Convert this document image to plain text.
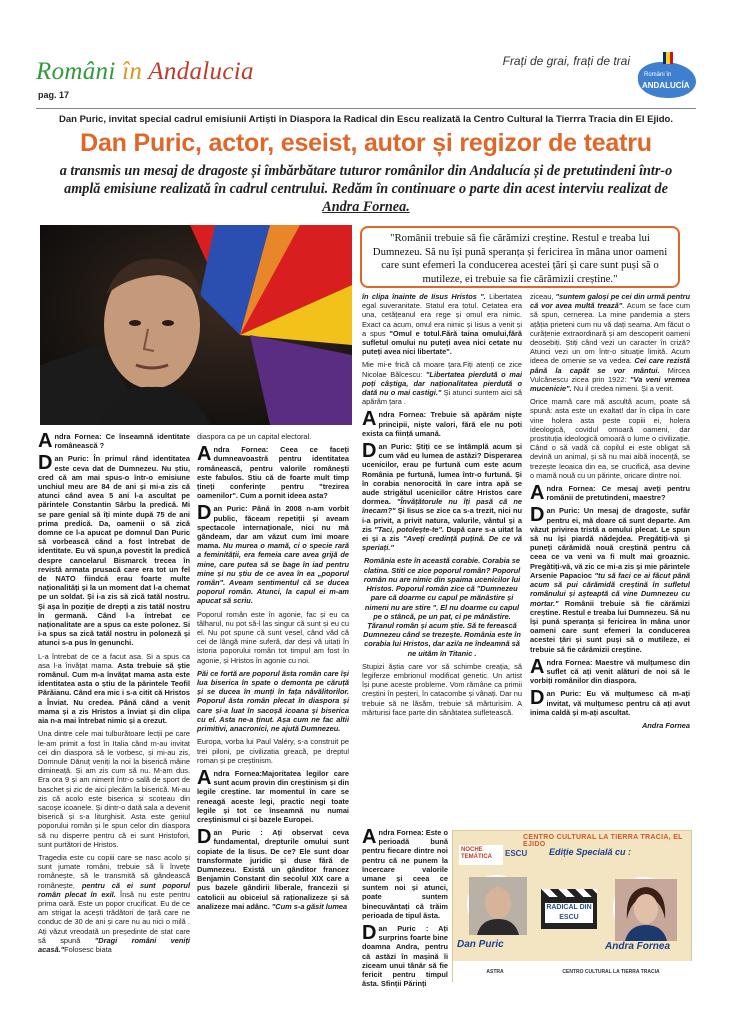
Români în Andalucia
pag. 17
Frați de grai, frați de trai
Români în
ANDALUCÍA
Dan Puric, invitat special cadrul emisiunii Artiști în Diaspora la Radical din Escu realizată la Centro Cultural la Tierrra Tracia din El Ejido.
Dan Puric, actor, eseist, autor și regizor de teatru
a transmis un mesaj de dragoste și îmbărbătare tuturor românilor din Andalucía și de pretutindeni într-o amplă emisiune realizată în cadrul centrului. Redăm în continuare o parte din acest interviu realizat de Andra Fornea.
"Românii trebuie să fie cărămizi creștine. Restul e treaba lui Dumnezeu. Să nu își pună speranța și fericirea în mâna unor oameni care sunt efemeri la conducerea acestei țări și care sunt puși să o mutileze, ei trebuie sa fie cărămizii creștine."

Andra Fornea: Ce înseamnă identitate românească ?

Dan Puric: În primul rând identitatea este ceva dat de Dumnezeu. Nu știu, cred că am mai spus-o într-o emisiune unchiul meu are 84 de ani și mi-a zis că atunci când avea 5 ani l-a ascultat pe părintele Constantin Sârbu la predică. Mi se pare genial să îți minte după 75 de ani prima predică. Da, oamenii o să zică domne ce l-a apucat pe domnul Dan Puric să vorbească când a fost întrebat de identitate. Eu vă spun,a povestit la predică despre cancelarul Bismarck trecea în revistă armata prusacă care era tot un fel de NATO fiindcă erau foarte multe naționalități și la un moment dat l-a chemat pe un soldat. Și i-a zis să zică tatăl nostru. Și așa în poziție de drepți a zis tatăl nostru în germană. Când l-a întrebat ce naționalitate are a spus ca este polonez. Si i-a spus sa zică tatăl nostru in poloneză și atunci s-a pus în genunchi.

L-a întrebat de ce a facut asa. Si a spus ca asa l-a învățat mama. Asta trebuie să știe românul. Cum m-a învățat mama asta este identitatea asta o știu de la părintele Teofil Părăianu. Când era mic i s-a citit că Hristos a Înviat. Nu credea. Până când a venit mama și a zis Hristos a înviat și din clipa aia n-a mai întrebat nimic și a crezut.

Una dintre cele mai tulburătoare lecții pe care le-am primit a fost în Italia când m-au invitat cei din diaspora să le vorbesc, și mi-au zis, Domnule Dănuț veniți la noi la biserică mâine dimineață. Și am zis cum să nu. M-am dus. Era ora 9 și am nimerit într-o sală de sport de baschet și zic de aici plecăm la biserică. Mi-au zis că acolo este biserica și scoteau din sacoșe icoanele. Și dintr-o dată sala a devenit biserică și s-a liturghisit. Asta este geniul poporului român și le spun celor din diaspora să nu disperre pentru că ei sunt Hristofori, sunt purtători de Hristos.

Tragedia este cu copiii care se nasc acolo și sunt jumate români, trebuie să îi învețe românește, să le transmită să gândească românește, pentru că ei sunt poporul român plecat în exil. Însă nu este pentru prima oară. Este un popor crucificat. Eu de ce am strigat la acești trădători de țară care ne conduc de 30 de ani și care nu au nici o milă . Ați văzut vreodată un președinte de stat care să spună "Dragi români veniți acasă."Folosesc biata

diaspora ca pe un capital electoral.

Andra Fornea: Ceea ce faceți dumneavoastră pentru identitatea românească, pentru valorile românești este fabulos. Stiu că de foarte mult timp țineți conferințe pentru "trezirea oamenilor". Cum a pornit ideea asta?

Dan Puric: Până în 2008 n-am vorbit public, făceam repetiții și aveam spectacole internaționale, nici nu mă gândeam, dar am văzut cum îmi moare mama. Nu murea o mamă, ci o specie rară a feminității, era femeia care avea grijă de mine, care putea să se bage în iad pentru mine și nu știu de ce avea în ea „poporul român". Aveam sentimentul că se ducea poporul român. Atunci, la capul ei m-am apucat să scriu.

Poporul român este în agonie, fac și eu ca tâlharul, nu pot să-l las singur că sunt și eu cu el. Nu pot spune că sunt vesel, când văd că cei de lângă mine suferă, dar deși vă uitați în istoria poporului român tot timpul am fost în agonie, și Hristos în agonie cu noi.

Păi ce fortă are poporul ăsta român care își lua biserica în spate o demonta pe căruță și se ducea în munți în fața năvălitorilor. Poporul ăsta român plecat în diaspora și care și-a luat în sacoșă icoana și biserica cu el. Asta ne-a ținut. Așa cum ne fac altii primitivi, anacronici, ne ajută Dumnezeu.

Europa, vorba lui Paul Valéry, s-a construit pe trei piloni, pe civilizatia greacă, pe dreptul roman și pe creștinism.

Andra Fornea:Majoritatea legilor care sunt acum provin din creștinism și din legile creștine. Iar momentul în care se reneagă aceste legi, practic negi toate legile și tot ce înseamnă nu numai creștinismul ci și bazele Europei.

Dan Puric : Ați observat ceva fundamental, drepturile omului sunt copiate de la Iisus. De ce? Ele sunt doar transformate juridic și duse fără de Dumnezeu. Există un gânditor francez Benjamin Constant din secolul XIX care a pus bazele gândirii liberale, francezii și catolicii au obiceiul să raționalizeze și să analizeze mai adânc. "Cum s-a găsit lumea

în clipa înainte de Iisus Hristos ". Libertatea egal suveranitate. Statul era totul. Cetatea era una, cetățeanul era rege și omul era nimic. Exact ca acum, omul era nimic și Iisus a venit și a spus "Omul e totul.Fără taina omului,fără sufletul omului nu puteți avea nici cetate nu puteți avea nici libertate".

Mie mi-e frică că moare țara.Fiți atenți ce zice Nicolae Bălcescu: "Libertatea pierdută o mai poți câștiga, dar naționalitatea pierdută o dată nu o mai castigi." Și atunci suntem aici să apărăm țara .

Andra Fornea: Trebuie să apărăm niște principii, niște valori, fără ele nu poti exista ca ființă umană.

Dan Puric: Știți ce se întâmplă acum și cum văd eu lumea de astăzi? Disperarea ucenicilor, erau pe furtună cum este acum România pe furtună, lumea într-o furtună. Și în corabia nenorocită în care intra apă se aude strigătul ucenicilor către Hristos care dormea. "Învățătorule nu îți pasă că ne înecam?" Și Iisus se zice ca s-a trezit, nici nu i-a privit, a privit natura, valurile, vântul și a zis "Taci, potolește-te". După care s-a uitat la ei și a zis "Aveți credință puțină. De ce vă speriați."

România este în această corabie. Corabia se clatina. Stiti ce zice poporul român? Poporul român nu are nimic din spaima ucenicilor lui Hristos. Poporul român zice că "Dumnezeu pare că doarme cu capul pe mănăstire și nimeni nu are stire ". El nu doarme cu capul pe o stâncă, pe un pat, ci pe mănăstire. Țăranul român și acum știe. Să te ferească Dumnezeu când se trezește. România este în corabia lui Hristos, dar azi/a ne îndeamnă să ne uităm în Titanic .

Stupizi ăștia care vor să schimbe creația, să legiferze embrionul modificat genetic. Un artist își pune aceste probleme. Vom rămâne ca primii creștini în peșteri, în catacombe și vânați. Dar nu trebuie să ne lăsăm, trebuie să mărturisim. A mărturisi face parte din sănătatea sufletească.

Andra Fornea: Este o perioadă bună pentru fiecare dintre noi pentru că ne punem la încercare valorile umane și ceea ce suntem noi și atunci, poate suntem binecuvântați că trăim perioada de tipul ăsta.

Dan Puric : Ați surprins foarte bine doamna Andra, pentru că astăzi în mașină îi ziceam unui tânăr să fie fericit pentru timpul ăsta. Sfinții Părinți

ziceau, "suntem galoși pe cei din urmă pentru că vor avea multă trează". Acum se face cum să spun, cernerea. La mine pandemia a șters ațâția prieteni cum nu vă dați seama. Am făcut o curățenie extraordinară și am descoperit oameni deosebiți. Știți când vezi un caracter în criză? Atunci vezi un om într-o situație limită. Acum ideea de omenie se va vedea. Cei care rezistă până la capăt se vor mântui. Mircea Vulcănescu zicea prin 1922: "Va veni vremea mucenicie". Nu il credea nimeni. Și a venit.

Orice mamă care mă ascultă acum, poate să spună: asta este un exaltat! dar în clipa în care vine holera asta peste copiii ei, holera ideologică, covidul omoară oameni, dar prostituția ideologică omoară o lume o civilizație. Când o să vadă că copilul ei este obligat să devină un animal, și să nu mai aibă inocență, se trezește leoaica din ea, se crucifică, asa devine o mamă nouă cu un părinte, oricare dintre noi.

Andra Fornea: Ce mesaj aveți pentru românii de pretutindeni, maestre?

Dan Puric: Un mesaj de dragoste, sufăr pentru ei, mă doare că sunt departe. Am văzut privirea tristă a omului plecat. Le spun să nu își piardă nădejdea. Pregătiți-vă și puneți cărămidă nouă creștină pentru că ceea ce va veni va fi mult mai groaznic. Pregătiți-vă, vă zic ce mi-a zis și mie părintele Arsenie Papacioc "tu să faci ce ai făcut până acum să pui cărămidă creștină în sufletul românului și așteaptă că vine Dumnezeu cu mortar." Românii trebuie să fie cărămizi creștine. Restul e treaba lui Dumnezeu. Să nu își pună speranța și fericirea în mâna unor oameni care sunt efemeri la conducerea acestei țări și sunt puși să o mutileze, ei trebuie să fie cărămizii creștine.

Andra Fornea: Maestre vă mulțumesc din suflet că ați venit alături de noi să le vorbiți românilor din diaspora.

Dan Puric: Eu vă mulțumesc că m-ați invitat, vă mulțumesc pentru că ați avut inima caldă și m-ați ascultat.

Andra Fornea

CENTRO CULTURAL LA TIERRA TRACIA, EL EJIDO
NOCHE TEMÁTICA	ESCU Ediție Specială cu :
RADICAL DIN ESCU
Dan Puric	Andra Fornea
ASTRA	CENTRO CULTURAL LA TIERRA TRACIA
